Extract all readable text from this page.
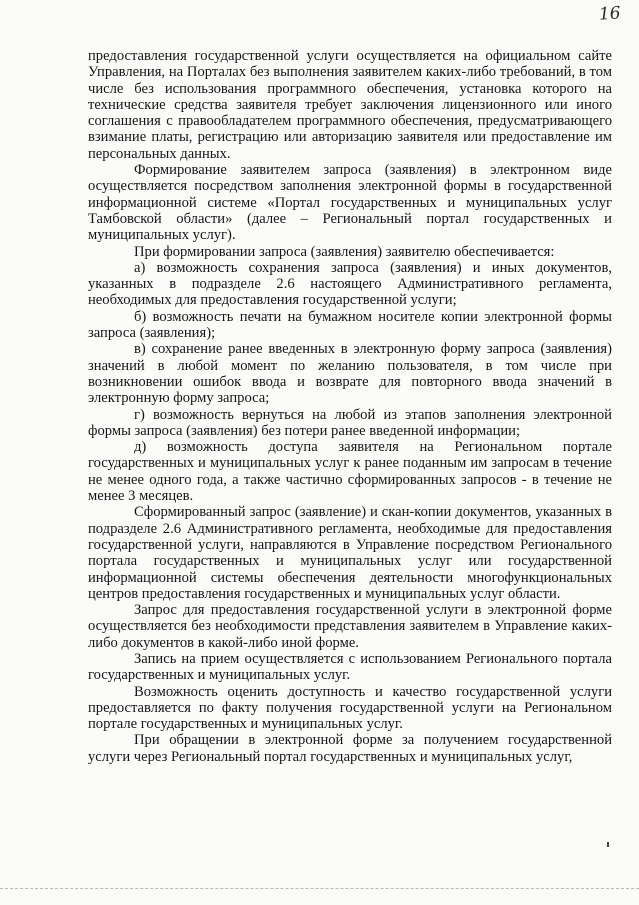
16

предоставления государственной услуги осуществляется на официальном сайте Управления, на Порталах без выполнения заявителем каких-либо требований, в том числе без использования программного обеспечения, установка которого на технические средства заявителя требует заключения лицензионного или иного соглашения с правообладателем программного обеспечения, предусматривающего взимание платы, регистрацию или авторизацию заявителя или предоставление им персональных данных.

Формирование заявителем запроса (заявления) в электронном виде осуществляется посредством заполнения электронной формы в государственной информационной системе «Портал государственных и муниципальных услуг Тамбовской области» (далее – Региональный портал государственных и муниципальных услуг).

При формировании запроса (заявления) заявителю обеспечивается:

а) возможность сохранения запроса (заявления) и иных документов, указанных в подразделе 2.6 настоящего Административного регламента, необходимых для предоставления государственной услуги;

б) возможность печати на бумажном носителе копии электронной формы запроса (заявления);

в) сохранение ранее введенных в электронную форму запроса (заявления) значений в любой момент по желанию пользователя, в том числе при возникновении ошибок ввода и возврате для повторного ввода значений в электронную форму запроса;

г) возможность вернуться на любой из этапов заполнения электронной формы запроса (заявления) без потери ранее введенной информации;

д) возможность доступа заявителя на Региональном портале государственных и муниципальных услуг к ранее поданным им запросам в течение не менее одного года, а также частично сформированных запросов - в течение не менее 3 месяцев.

Сформированный запрос (заявление) и скан-копии документов, указанных в подразделе 2.6 Административного регламента, необходимые для предоставления государственной услуги, направляются в Управление посредством Регионального портала государственных и муниципальных услуг или государственной информационной системы обеспечения деятельности многофункциональных центров предоставления государственных и муниципальных услуг области.

Запрос для предоставления государственной услуги в электронной форме осуществляется без необходимости представления заявителем в Управление каких-либо документов в какой-либо иной форме.

Запись на прием осуществляется с использованием Регионального портала государственных и муниципальных услуг.

Возможность оценить доступность и качество государственной услуги предоставляется по факту получения государственной услуги на Региональном портале государственных и муниципальных услуг.

При обращении в электронной форме за получением государственной услуги через Региональный портал государственных и муниципальных услуг,
